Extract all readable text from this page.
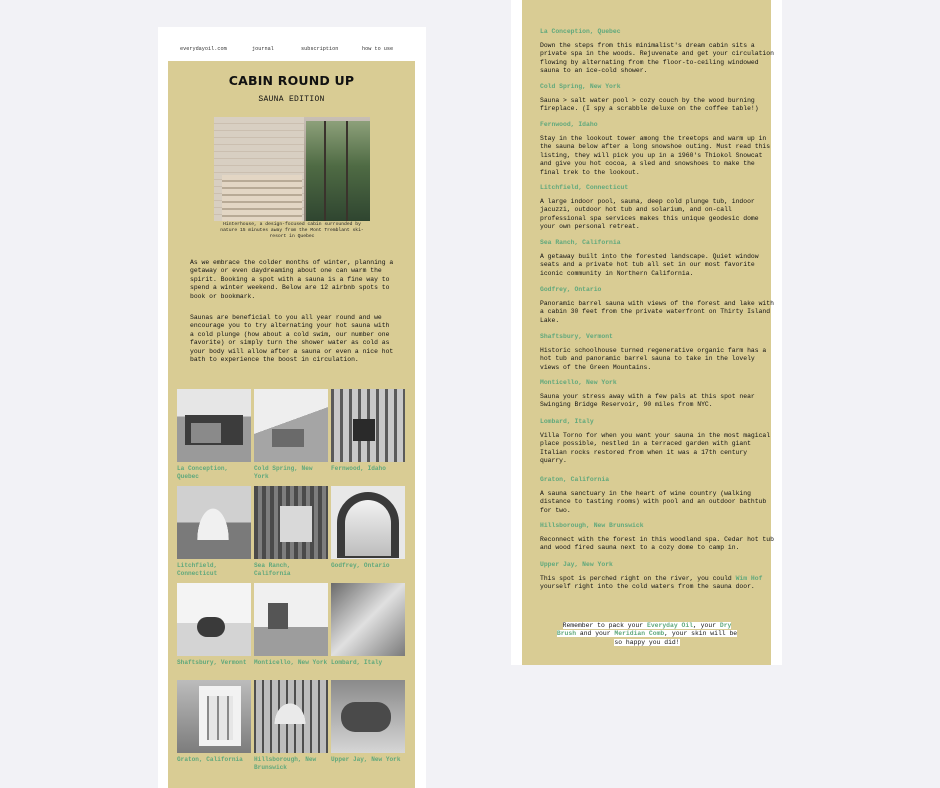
everydayoil.com	journal	subscription	how to use
CABIN ROUND UP
SAUNA EDITION
Hinterhouse, a design-focused cabin surrounded by nature 15 minutes away from the Mont Tremblant ski-resort in Quebec
As we embrace the colder months of winter, planning a getaway or even daydreaming about one can warm the spirit. Booking a spot with a sauna is a fine way to spend a winter weekend. Below are 12 airbnb spots to book or bookmark.
Saunas are beneficial to you all year round and we encourage you to try alternating your hot sauna with a cold plunge (how about a cold swim, our number one favorite) or simply turn the shower water as cold as your body will allow after a sauna or even a nice hot bath to experience the boost in circulation.
La Conception, Quebec
Cold Spring, New York
Fernwood, Idaho
Litchfield, Connecticut
Sea Ranch, California
Godfrey, Ontario
Shaftsbury, Vermont	Monticello, New York Lombard, Italy
Graton, California	Hillsborough, New Brunswick
Upper Jay, New York
La Conception, Quebec
Down the steps from this minimalist's dream cabin sits a private spa in the woods. Rejuvenate and get your circulation flowing by alternating from the floor-to-ceiling windowed sauna to an ice-cold shower.
Cold Spring, New York
Sauna > salt water pool > cozy couch by the wood burning fireplace. (I spy a scrabble deluxe on the coffee table!)
Fernwood, Idaho
Stay in the lookout tower among the treetops and warm up in the sauna below after a long snowshoe outing. Must read this listing, they will pick you up in a 1960's Thiokol Snowcat and give you hot cocoa, a sled and snowshoes to make the final trek to the lookout.
Litchfield, Connecticut
A large indoor pool, sauna, deep cold plunge tub, indoor jacuzzi, outdoor hot tub and solarium, and on-call professional spa services makes this unique geodesic dome your own personal retreat.
Sea Ranch, California
A getaway built into the forested landscape. Quiet window seats and a private hot tub all set in our most favorite iconic community in Northern California.
Godfrey, Ontario
Panoramic barrel sauna with views of the forest and lake with a cabin 30 feet from the private waterfront on Thirty Island Lake.
Shaftsbury, Vermont
Historic schoolhouse turned regenerative organic farm has a hot tub and panoramic barrel sauna to take in the lovely views of the Green Mountains.
Monticello, New York
Sauna your stress away with a few pals at this spot near Swinging Bridge Reservoir, 90 miles from NYC.
Lombard, Italy
Villa Torno for when you want your sauna in the most magical place possible, nestled in a terraced garden with giant Italian rocks restored from when it was a 17th century quarry.
Graton, California
A sauna sanctuary in the heart of wine country (walking distance to tasting rooms) with pool and an outdoor bathtub for two.
Hillsborough, New Brunswick
Reconnect with the forest in this woodland spa. Cedar hot tub and wood fired sauna next to a cozy dome to camp in.
Upper Jay, New York
This spot is perched right on the river, you could Wim Hof yourself right into the cold waters from the sauna door.
Remember to pack your Everyday Oil, your Dry Brush and your Meridian Comb, your skin will be so happy you did!
